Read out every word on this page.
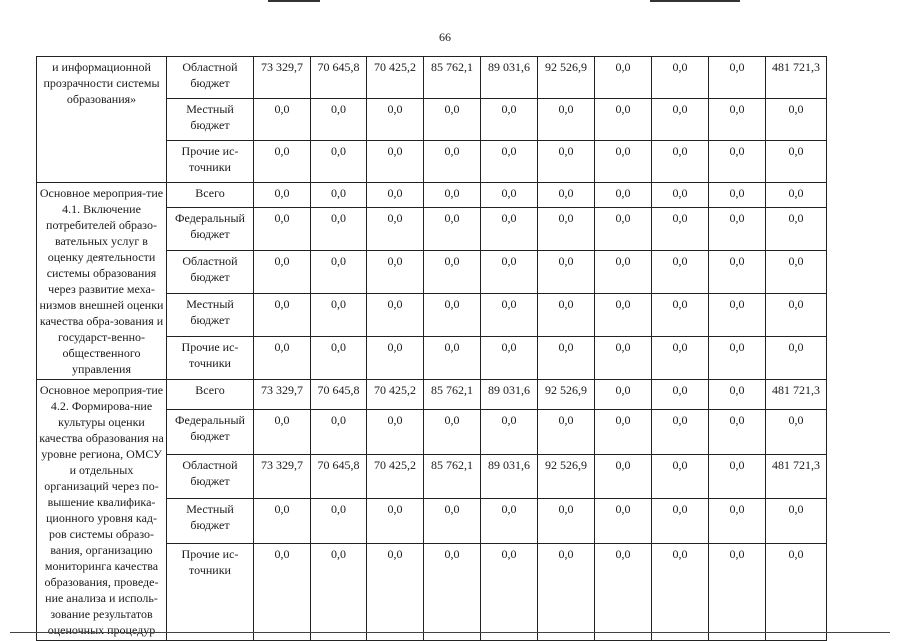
66
и информационной прозрачности системы образования»	Областной бюджет	73 329,7	70 645,8	70 425,2	85 762,1	89 031,6	92 526,9	0,0	0,0	0,0	481 721,3
	Местный бюджет	0,0	0,0	0,0	0,0	0,0	0,0	0,0	0,0	0,0	0,0
	Прочие ис-точники	0,0	0,0	0,0	0,0	0,0	0,0	0,0	0,0	0,0	0,0
Основное мероприя-тие 4.1. Включение потребителей образо-вательных услуг в оценку деятельности системы образования через развитие меха-низмов внешней оценки качества обра-зования и государст-венно-общественного управления	Всего	0,0	0,0	0,0	0,0	0,0	0,0	0,0	0,0	0,0	0,0
	Федеральный бюджет	0,0	0,0	0,0	0,0	0,0	0,0	0,0	0,0	0,0	0,0
	Областной бюджет	0,0	0,0	0,0	0,0	0,0	0,0	0,0	0,0	0,0	0,0
	Местный бюджет	0,0	0,0	0,0	0,0	0,0	0,0	0,0	0,0	0,0	0,0
	Прочие ис-точники	0,0	0,0	0,0	0,0	0,0	0,0	0,0	0,0	0,0	0,0
Основное мероприя-тие 4.2. Формирова-ние культуры оценки качества образования на уровне региона, ОМСУ и отдельных организаций через по-вышение квалифика-ционного уровня кад-ров системы образо-вания, организацию мониторинга качества образования, проведе-ние анализа и исполь-зование результатов оценочных процедур	Всего	73 329,7	70 645,8	70 425,2	85 762,1	89 031,6	92 526,9	0,0	0,0	0,0	481 721,3
	Федеральный бюджет	0,0	0,0	0,0	0,0	0,0	0,0	0,0	0,0	0,0	0,0
	Областной бюджет	73 329,7	70 645,8	70 425,2	85 762,1	89 031,6	92 526,9	0,0	0,0	0,0	481 721,3
	Местный бюджет	0,0	0,0	0,0	0,0	0,0	0,0	0,0	0,0	0,0	0,0
	Прочие ис-точники	0,0	0,0	0,0	0,0	0,0	0,0	0,0	0,0	0,0	0,0
